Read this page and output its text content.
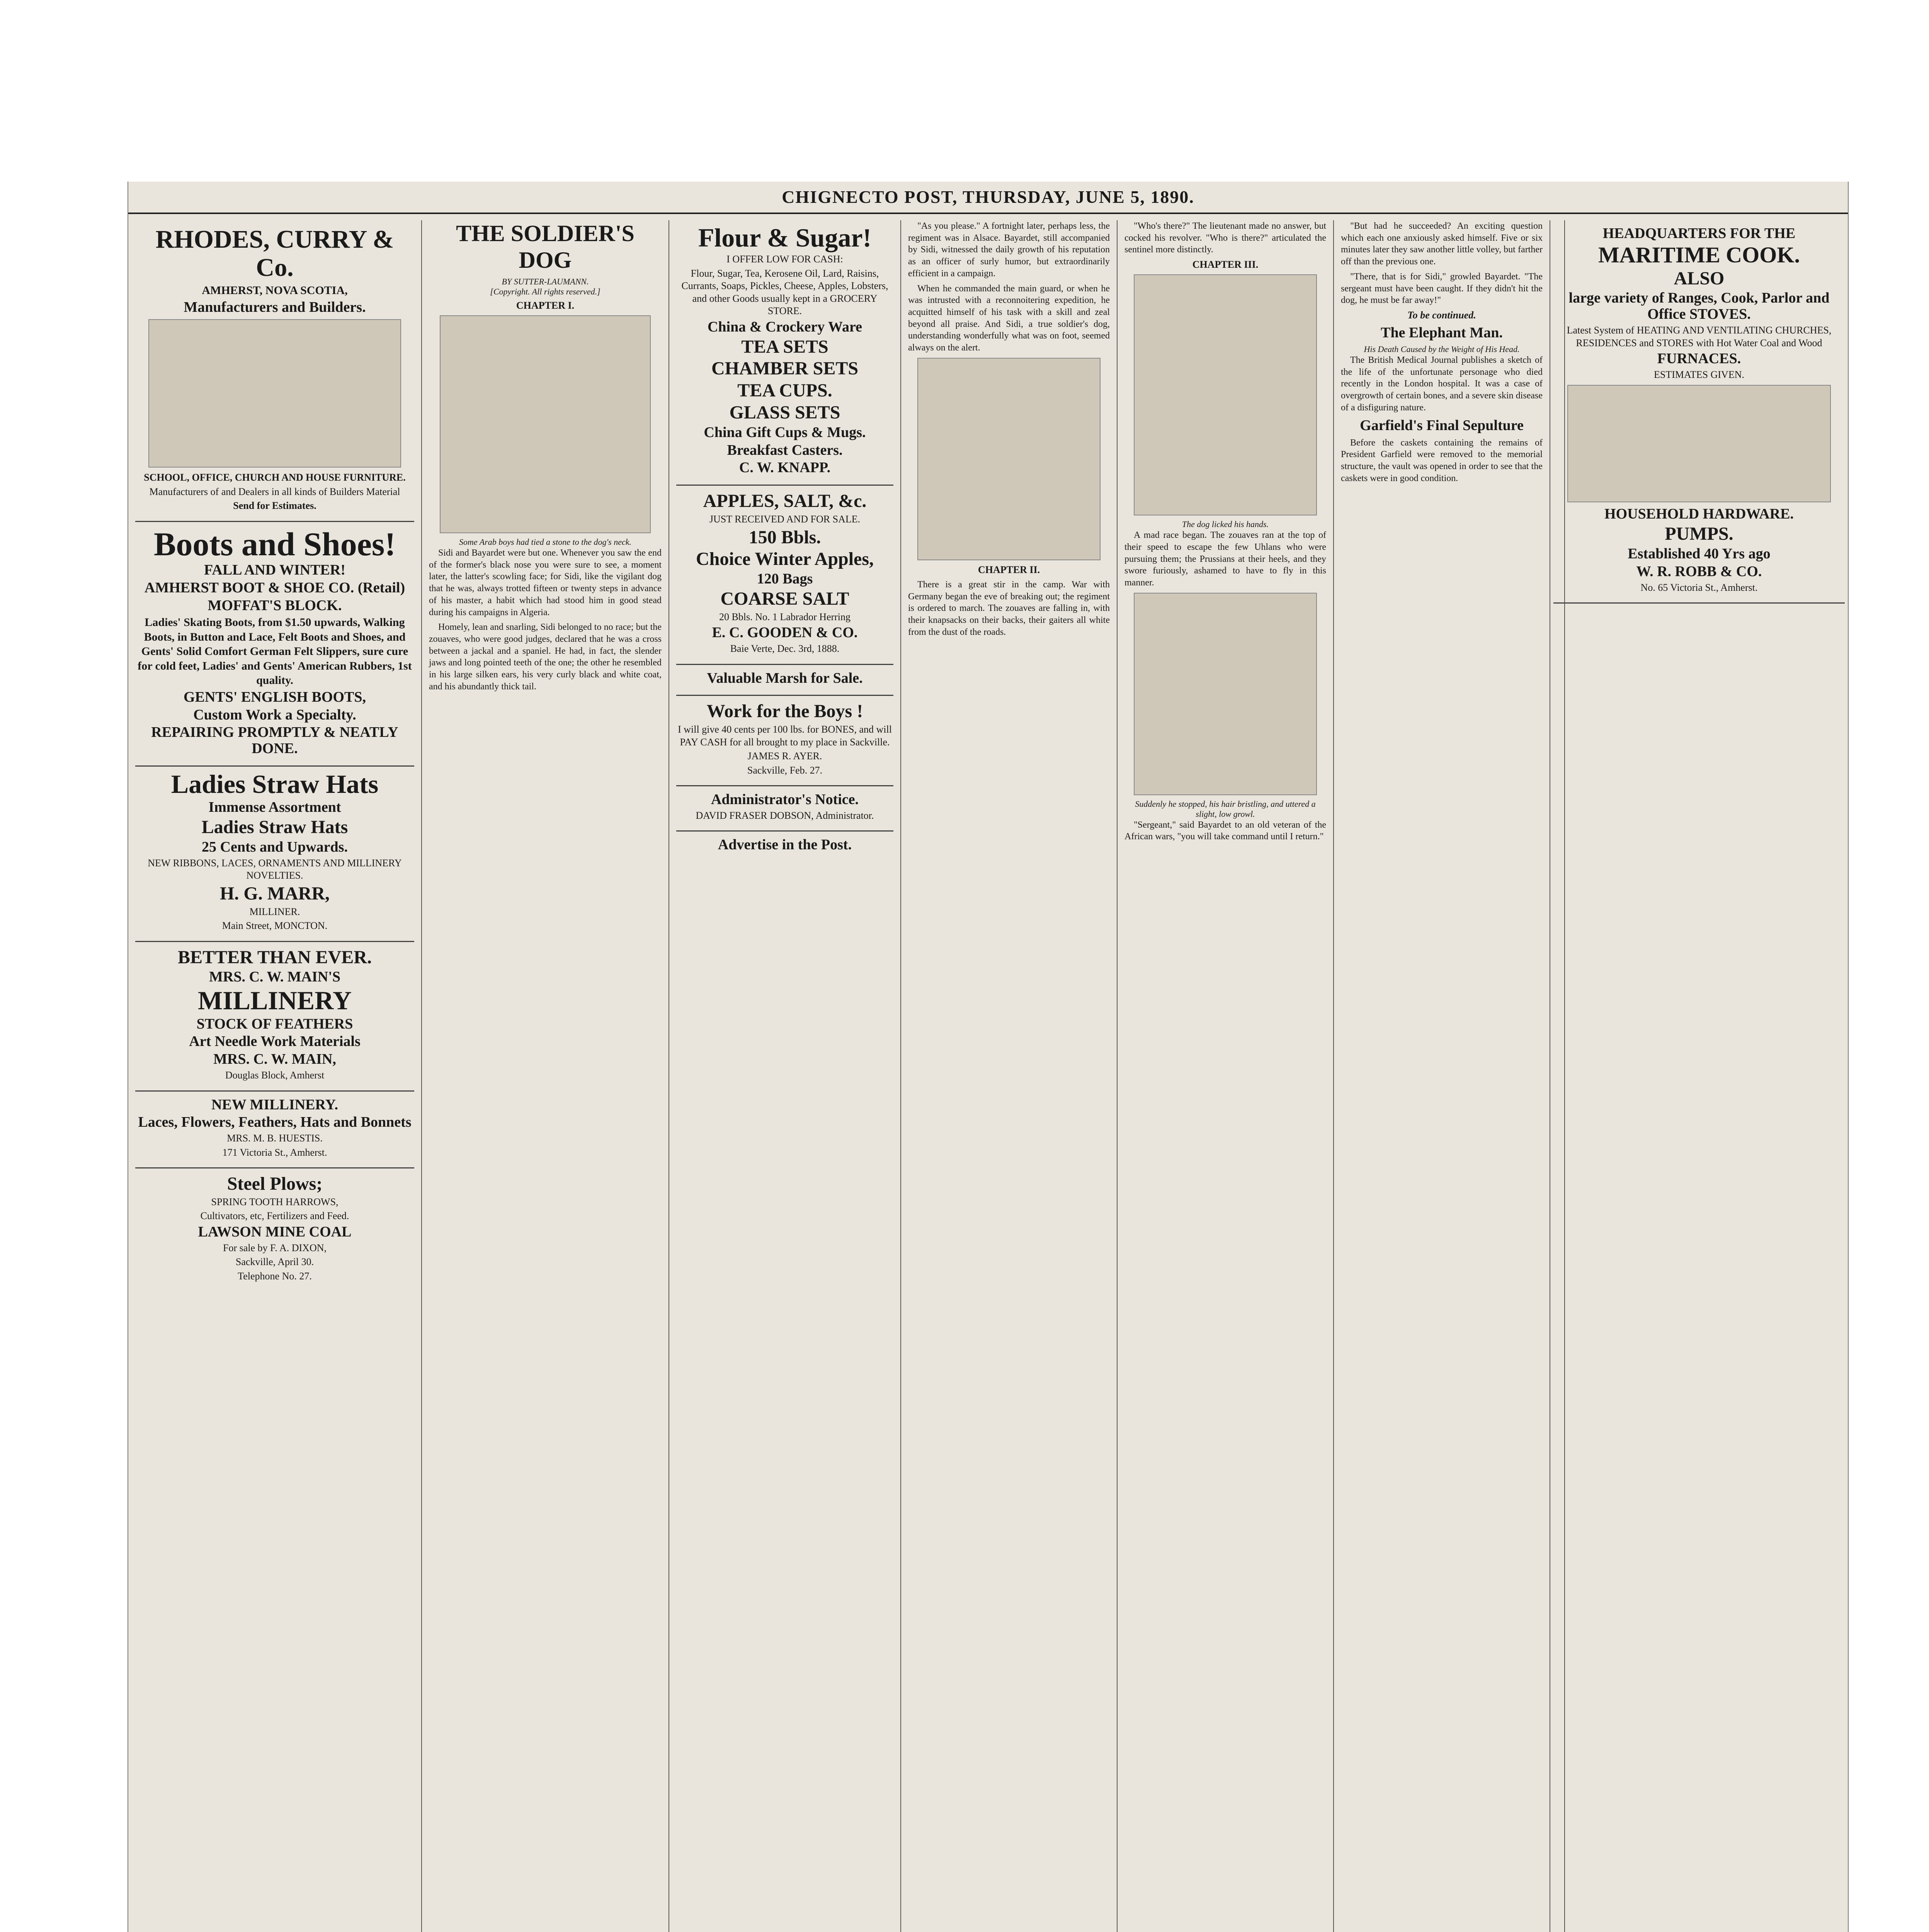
CHIGNECTO POST, THURSDAY, JUNE 5, 1890.
RHODES, CURRY & Co.

AMHERST, NOVA SCOTIA,

Manufacturers and Builders.

SCHOOL, OFFICE, CHURCH AND HOUSE FURNITURE.

Manufacturers of and Dealers in all kinds of Builders Material

Send for Estimates.

Boots and Shoes!
FALL AND WINTER!
AMHERST BOOT & SHOE CO. (Retail)
MOFFAT'S BLOCK.

Ladies' Skating Boots, from $1.50 upwards, Walking Boots, in Button and Lace, Felt Boots and Shoes, and Gents' Solid Comfort German Felt Slippers, sure cure for cold feet, Ladies' and Gents' American Rubbers, 1st quality.

GENTS' ENGLISH BOOTS,
Custom Work a Specialty.
REPAIRING PROMPTLY & NEATLY DONE.
Ladies Straw Hats
Immense Assortment
Ladies Straw Hats
25 Cents and Upwards.

NEW RIBBONS, LACES, ORNAMENTS AND MILLINERY NOVELTIES.

H. G. MARR,

MILLINER.

Main Street, MONCTON.

BETTER THAN EVER.
MRS. C. W. MAIN'S
MILLINERY
STOCK OF FEATHERS
Art Needle Work Materials
MRS. C. W. MAIN,

Douglas Block, Amherst

NEW MILLINERY.
Laces, Flowers, Feathers, Hats and Bonnets

MRS. M. B. HUESTIS.

171 Victoria St., Amherst.

Steel Plows;

SPRING TOOTH HARROWS,

Cultivators, etc, Fertilizers and Feed.

LAWSON MINE COAL

For sale by F. A. DIXON,

Sackville, April 30.

Telephone No. 27.

THE SOLDIER'S DOG
BY SUTTER-LAUMANN.
[Copyright. All rights reserved.]
CHAPTER I.
Some Arab boys had tied a stone to the dog's neck.

Sidi and Bayardet were but one. Whenever you saw the end of the former's black nose you were sure to see, a moment later, the latter's scowling face; for Sidi, like the vigilant dog that he was, always trotted fifteen or twenty steps in advance of his master, a habit which had stood him in good stead during his campaigns in Algeria.

Homely, lean and snarling, Sidi belonged to no race; but the zouaves, who were good judges, declared that he was a cross between a jackal and a spaniel. He had, in fact, the slender jaws and long pointed teeth of the one; the other he resembled in his large silken ears, his very curly black and white coat, and his abundantly thick tail.

Flour & Sugar!

I OFFER LOW FOR CASH:

Flour, Sugar, Tea, Kerosene Oil, Lard, Raisins, Currants, Soaps, Pickles, Cheese, Apples, Lobsters, and other Goods usually kept in a GROCERY STORE.

China & Crockery Ware
TEA SETS
CHAMBER SETS
TEA CUPS.
GLASS SETS
China Gift Cups & Mugs.
Breakfast Casters.
C. W. KNAPP.
APPLES, SALT, &c.

JUST RECEIVED AND FOR SALE.

150 Bbls.
Choice Winter Apples,
120 Bags
COARSE SALT

20 Bbls. No. 1 Labrador Herring

E. C. GOODEN & CO.

Baie Verte, Dec. 3rd, 1888.

Valuable Marsh for Sale.
Work for the Boys !

I will give 40 cents per 100 lbs. for BONES, and will PAY CASH for all brought to my place in Sackville.

JAMES R. AYER.

Sackville, Feb. 27.

Administrator's Notice.

DAVID FRASER DOBSON, Administrator.

Advertise in the Post.

"As you please." A fortnight later, perhaps less, the regiment was in Alsace. Bayardet, still accompanied by Sidi, witnessed the daily growth of his reputation as an officer of surly humor, but extraordinarily efficient in a campaign.

When he commanded the main guard, or when he was intrusted with a reconnoitering expedition, he acquitted himself of his task with a skill and zeal beyond all praise. And Sidi, a true soldier's dog, understanding wonderfully what was on foot, seemed always on the alert.

CHAPTER II.

There is a great stir in the camp. War with Germany began the eve of breaking out; the regiment is ordered to march. The zouaves are falling in, with their knapsacks on their backs, their gaiters all white from the dust of the roads.

"Who's there?" The lieutenant made no answer, but cocked his revolver. "Who is there?" articulated the sentinel more distinctly.

CHAPTER III.
The dog licked his hands.

A mad race began. The zouaves ran at the top of their speed to escape the few Uhlans who were pursuing them; the Prussians at their heels, and they swore furiously, ashamed to have to fly in this manner.

Suddenly he stopped, his hair bristling, and uttered a slight, low growl.

"Sergeant," said Bayardet to an old veteran of the African wars, "you will take command until I return."

"But had he succeeded? An exciting question which each one anxiously asked himself. Five or six minutes later they saw another little volley, but farther off than the previous one.

"There, that is for Sidi," growled Bayardet. "The sergeant must have been caught. If they didn't hit the dog, he must be far away!"

To be continued.
The Elephant Man.
His Death Caused by the Weight of His Head.

The British Medical Journal publishes a sketch of the life of the unfortunate personage who died recently in the London hospital. It was a case of overgrowth of certain bones, and a severe skin disease of a disfiguring nature.

Garfield's Final Sepulture

Before the caskets containing the remains of President Garfield were removed to the memorial structure, the vault was opened in order to see that the caskets were in good condition.

HEADQUARTERS FOR THE
MARITIME COOK.
ALSO
large variety of Ranges, Cook, Parlor and Office STOVES.

Latest System of HEATING AND VENTILATING CHURCHES, RESIDENCES and STORES with Hot Water Coal and Wood

FURNACES.

ESTIMATES GIVEN.

HOUSEHOLD HARDWARE.
PUMPS.
Established 40 Yrs ago
W. R. ROBB & CO.

No. 65 Victoria St., Amherst.
